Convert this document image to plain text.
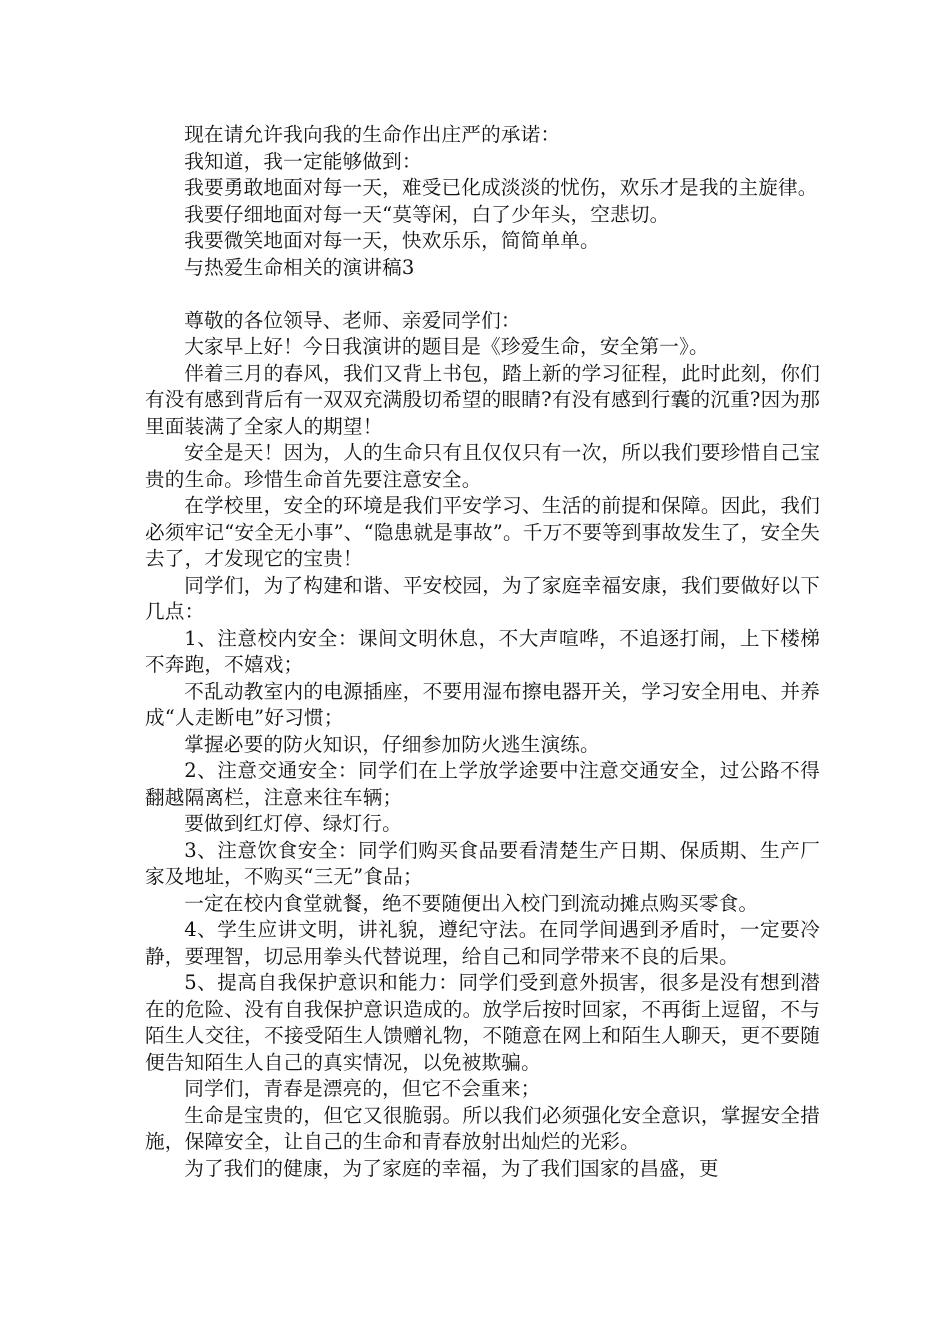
现在请允许我向我的生命作出庄严的承诺：

我知道，我一定能够做到：

我要勇敢地面对每一天，难受已化成淡淡的忧伤，欢乐才是我的主旋律。

我要仔细地面对每一天“莫等闲，白了少年头，空悲切。

我要微笑地面对每一天，快欢乐乐，简简单单。

与热爱生命相关的演讲稿3

尊敬的各位领导、老师、亲爱同学们：

大家早上好！今日我演讲的题目是《珍爱生命，安全第一》。

伴着三月的春风，我们又背上书包，踏上新的学习征程，此时此刻，你们有没有感到背后有一双双充满殷切希望的眼睛?有没有感到行囊的沉重?因为那里面装满了全家人的期望！

安全是天！因为，人的生命只有且仅仅只有一次，所以我们要珍惜自己宝贵的生命。珍惜生命首先要注意安全。

在学校里，安全的环境是我们平安学习、生活的前提和保障。因此，我们必须牢记“安全无小事”、“隐患就是事故”。千万不要等到事故发生了，安全失去了，才发现它的宝贵！

同学们，为了构建和谐、平安校园，为了家庭幸福安康，我们要做好以下几点：

1、注意校内安全：课间文明休息，不大声喧哗，不追逐打闹，上下楼梯不奔跑，不嬉戏；

不乱动教室内的电源插座，不要用湿布擦电器开关，学习安全用电、并养成“人走断电”好习惯；

掌握必要的防火知识，仔细参加防火逃生演练。

2、注意交通安全：同学们在上学放学途要中注意交通安全，过公路不得翻越隔离栏，注意来往车辆；

要做到红灯停、绿灯行。

3、注意饮食安全：同学们购买食品要看清楚生产日期、保质期、生产厂家及地址，不购买“三无”食品；

一定在校内食堂就餐，绝不要随便出入校门到流动摊点购买零食。

4、学生应讲文明，讲礼貌，遵纪守法。在同学间遇到矛盾时，一定要冷静，要理智，切忌用拳头代替说理，给自己和同学带来不良的后果。

5、提高自我保护意识和能力：同学们受到意外损害，很多是没有想到潜在的危险、没有自我保护意识造成的。放学后按时回家，不再街上逗留，不与陌生人交往，不接受陌生人馈赠礼物，不随意在网上和陌生人聊天，更不要随便告知陌生人自己的真实情况，以免被欺骗。

同学们，青春是漂亮的，但它不会重来；

生命是宝贵的，但它又很脆弱。所以我们必须强化安全意识，掌握安全措施，保障安全，让自己的生命和青春放射出灿烂的光彩。

为了我们的健康，为了家庭的幸福，为了我们国家的昌盛，更
